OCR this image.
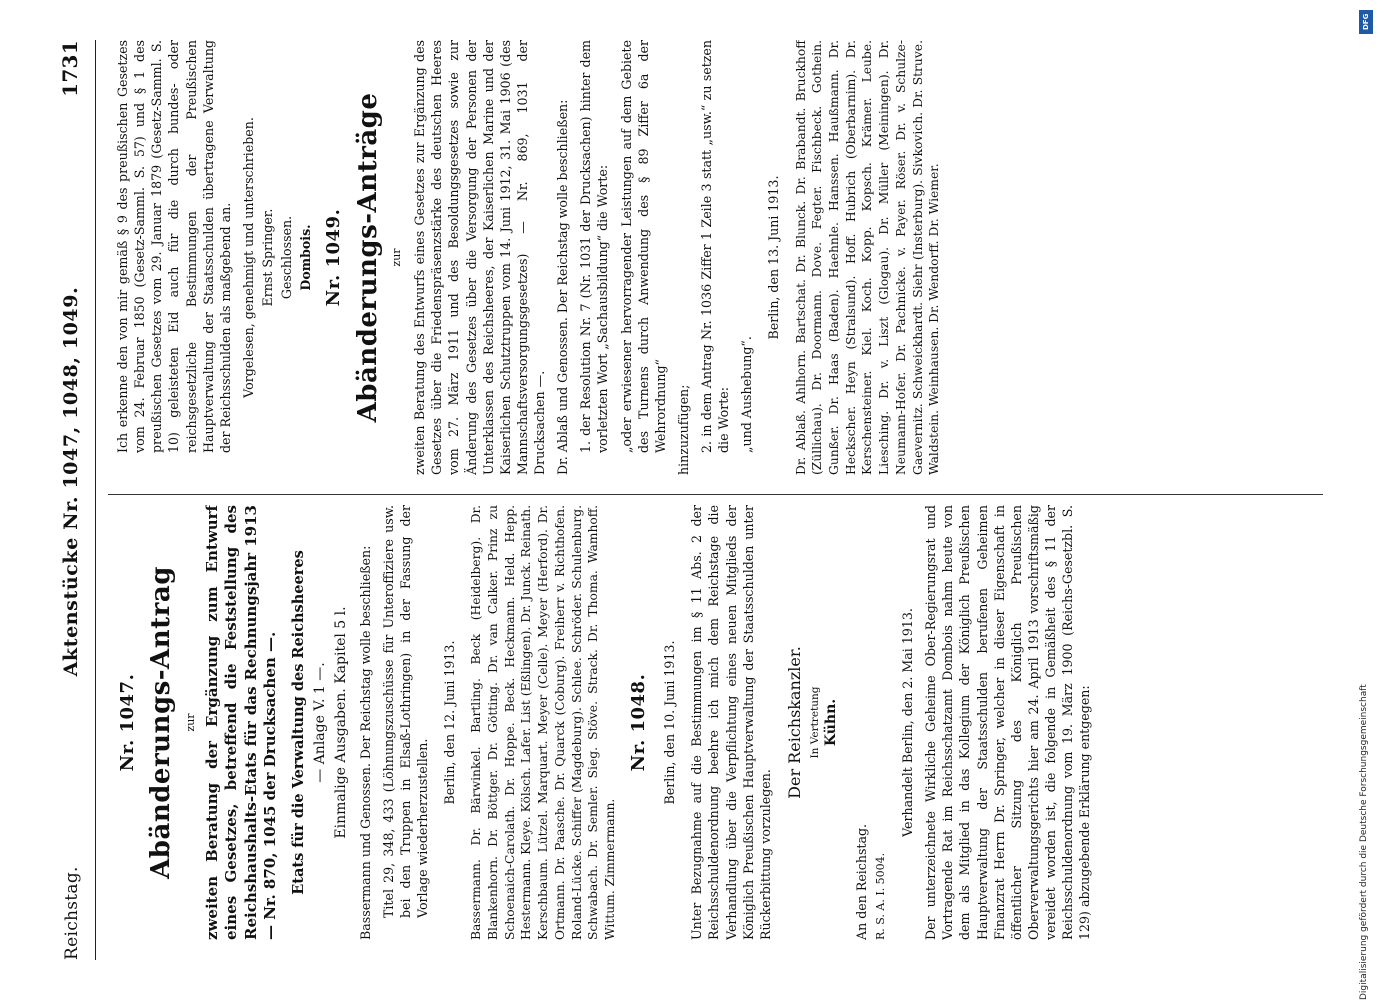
Reichstag.
Aktenstücke Nr. 1047, 1048, 1049.
1731
Nr. 1047. Abänderungs-Antrag zur zweiten Beratung der Ergänzung zum Entwurf eines Gesetzes, betreffend die Feststellung des Reichshaushalts-Etats für das Rechnungsjahr 1913 — Nr. 870, 1045 der Drucksachen —. Etats für die Verwaltung des Reichsheeres — Anlage V. 1 —. Einmalige Ausgaben. Kapitel 5 l. Bassermann und Genossen. Der Reichstag wolle beschließen: Titel 29, 348, 433 (Löhnungszuschüsse für Unteroffiziere usw. bei den Truppen in Elsaß-Lothringen) in der Fassung der Vorlage wiederherzustellen.

Berlin, den 12. Juni 1913. Bassermann. Dr. Bärwinkel. Bartling. Beck (Heidelberg). Dr. Blankenhorn. Dr. Böttger. Dr. Götting. Dr. van Calker. Prinz zu Schoenaich-Carolath. Dr. Hoppe. Beck. Heckmann. Held. Hepp. Hestermann. Kleye. Kölsch. Lafer. List (Eßlingen). Dr. Junck. Reinath. Kerschbaum. Lützel. Marquart. Meyer (Celle). Meyer (Herford). Dr. Ortmann. Dr. Paasche. Dr. Quarck (Coburg). Freiherr v. Richthofen. Roland-Lücke. Schiffer (Magdeburg). Schlee. Schröder. Schulenburg. Schwabach. Dr. Semler. Sieg. Stöve. Strack. Dr. Thoma. Wamhoff. Wittum. Zimmermann.

Nr. 1048. Berlin, den 10. Juni 1913. Unter Bezugnahme auf die Bestimmungen im § 11 Abs. 2 der Reichsschuldenordnung beehre ich mich dem Reichstage die Verhandlung über die Verpflichtung eines neuen Mitglieds der Königlich Preußischen Hauptverwaltung der Staatsschulden unter Rückerbittung vorzulegen.

Der Reichskanzler. In Vertretung Kühn.
An den Reichstag. R. S. A. I. 5004.
Verhandelt Berlin, den 2. Mai 1913. Der unterzeichnete Wirkliche Geheime Ober-Regierungsrat und Vortragende Rat im Reichsschatzamt Dombois nahm heute von dem als Mitglied in das Kollegium der Königlich Preußischen Hauptverwaltung der Staatsschulden berufenen Geheimen Finanzrat Herrn Dr. Springer, welcher in dieser Eigenschaft in öffentlicher Sitzung des Königlich Preußischen Oberverwaltungsgerichts hier am 24. April 1913 vorschriftsmäßig vereidet worden ist, die folgende in Gemäßheit des § 11 der Reichsschuldenordnung vom 19. März 1900 (Reichs-Gesetzbl. S. 129) abzugebende Erklärung entgegen:

Ich erkenne den von mir gemäß § 9 des preußischen Gesetzes vom 24. Februar 1850 (Gesetz-Samml. S. 57) und § 1 des preußischen Gesetzes vom 29. Januar 1879 (Gesetz-Samml. S. 10) geleisteten Eid auch für die durch bundes- oder reichsgesetzliche Bestimmungen der Preußischen Hauptverwaltung der Staatsschulden übertragene Verwaltung der Reichsschulden als maßgebend an. Vorgelesen, genehmigt und unterschrieben. Ernst Springer. Geschlossen. Dombois. Nr. 1049. Abänderungs-Anträge zur zweiten Beratung des Entwurfs eines Gesetzes zur Ergänzung des Gesetzes über die Friedenspräsenzstärke des deutschen Heeres vom 27. März 1911 und des Besoldungsgesetzes sowie zur Änderung des Gesetzes über die Versorgung der Personen der Unterklassen des Reichsheeres, der Kaiserlichen Marine und der Kaiserlichen Schutztruppen vom 14. Juni 1912, 31. Mai 1906 (des Mannschaftsversorgungsgesetzes) — Nr. 869, 1031 der Drucksachen —. Dr. Ablaß und Genossen. Der Reichstag wolle beschließen: 1. der Resolution Nr. 7 (Nr. 1031 der Drucksachen) hinter dem vorletzten Wort „Sachausbildung“ die Worte: „oder erwiesener hervorragender Leistungen auf dem Gebiete des Turnens durch Anwendung des § 89 Ziffer 6a der Wehrordnung“ hinzuzufügen; 2. in dem Antrag Nr. 1036 Ziffer 1 Zeile 3 statt „usw.“ zu setzen die Worte: „und Aushebung“.

Berlin, den 13. Juni 1913. Dr. Ablaß. Ahlhorn. Bartschat. Dr. Blunck. Dr. Brabandt. Bruckhoff (Züllichau). Dr. Doormann. Dove. Fegter. Fischbeck. Gothein. Gunßer. Dr. Haas (Baden). Haehnle. Hanssen. Haußmann. Dr. Heckscher. Heyn (Stralsund). Hoff. Hubrich (Oberbarnim). Dr. Kerschensteiner. Kiel. Koch. Kopp. Kopsch. Krämer. Leube. Liesching. Dr. v. Liszt (Glogau). Dr. Müller (Meiningen). Dr. Neumann-Hofer. Dr. Pachnicke. v. Payer. Röser. Dr. v. Schulze-Gaevernitz. Schweickhardt. Siehr (Insterburg). Sivkovich. Dr. Struve. Waldstein. Weinhausen. Dr. Wendorff. Dr. Wiemer.

DFG
Digitalisierung gefördert durch die Deutsche Forschungsgemeinschaft
